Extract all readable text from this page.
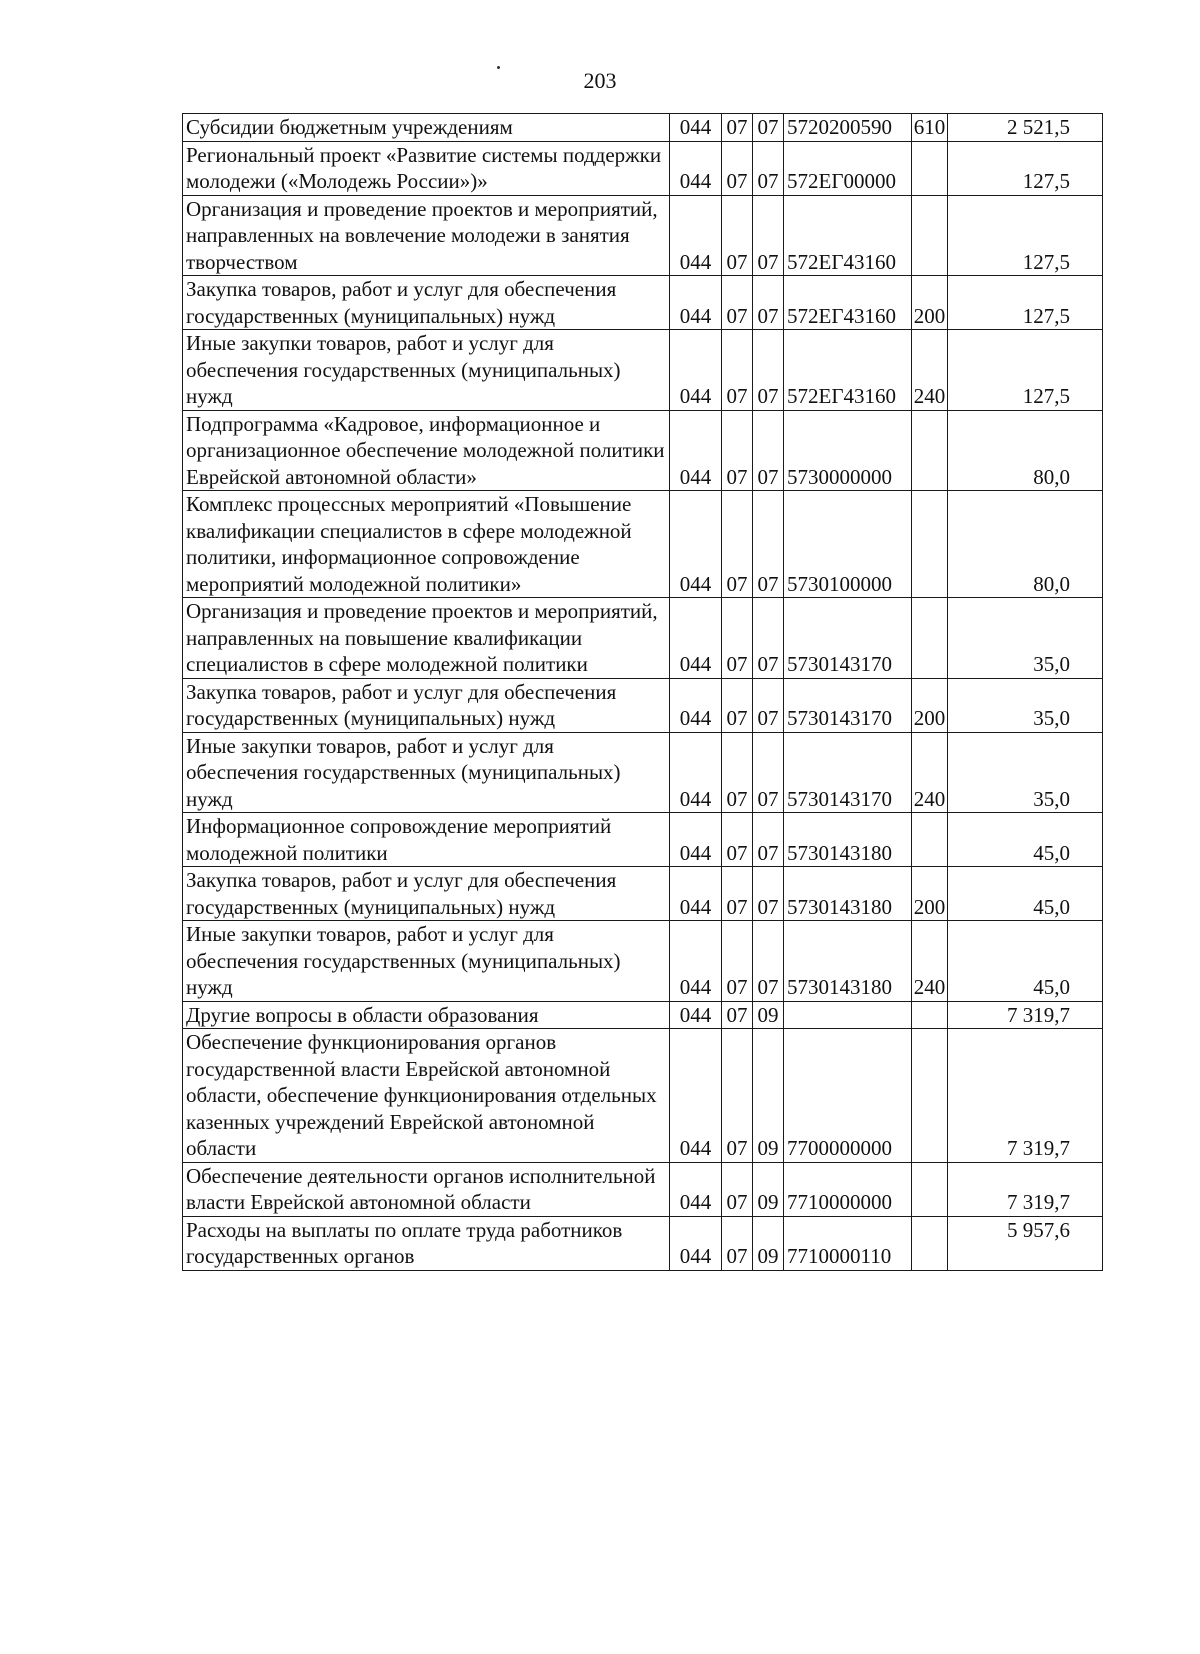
203
Субсидии бюджетным учреждениям	044	07	07	5720200590	610	2 521,5
Региональный проект «Развитие системы поддержки молодежи («Молодежь России»)»	044	07	07	572ЕГ00000		127,5
Организация и проведение проектов и мероприятий, направленных на вовлечение молодежи в занятия творчеством	044	07	07	572ЕГ43160		127,5
Закупка товаров, работ и услуг для обеспечения государственных (муниципальных) нужд	044	07	07	572ЕГ43160	200	127,5
Иные закупки товаров, работ и услуг для обеспечения государственных (муниципальных) нужд	044	07	07	572ЕГ43160	240	127,5
Подпрограмма «Кадровое, информационное и организационное обеспечение молодежной политики Еврейской автономной области»	044	07	07	5730000000		80,0
Комплекс процессных мероприятий «Повышение квалификации специалистов в сфере молодежной политики, информационное сопровождение мероприятий молодежной политики»	044	07	07	5730100000		80,0
Организация и проведение проектов и мероприятий, направленных на повышение квалификации специалистов в сфере молодежной политики	044	07	07	5730143170		35,0
Закупка товаров, работ и услуг для обеспечения государственных (муниципальных) нужд	044	07	07	5730143170	200	35,0
Иные закупки товаров, работ и услуг для обеспечения государственных (муниципальных) нужд	044	07	07	5730143170	240	35,0
Информационное сопровождение мероприятий молодежной политики	044	07	07	5730143180		45,0
Закупка товаров, работ и услуг для обеспечения государственных (муниципальных) нужд	044	07	07	5730143180	200	45,0
Иные закупки товаров, работ и услуг для обеспечения государственных (муниципальных) нужд	044	07	07	5730143180	240	45,0
Другие вопросы в области образования	044	07	09			7 319,7
Обеспечение функционирования органов государственной власти Еврейской автономной области, обеспечение функционирования отдельных казенных учреждений Еврейской автономной области	044	07	09	7700000000		7 319,7
Обеспечение деятельности органов исполнительной власти Еврейской автономной области	044	07	09	7710000000		7 319,7
Расходы на выплаты по оплате труда работников государственных органов	044	07	09	7710000110		5 957,6
